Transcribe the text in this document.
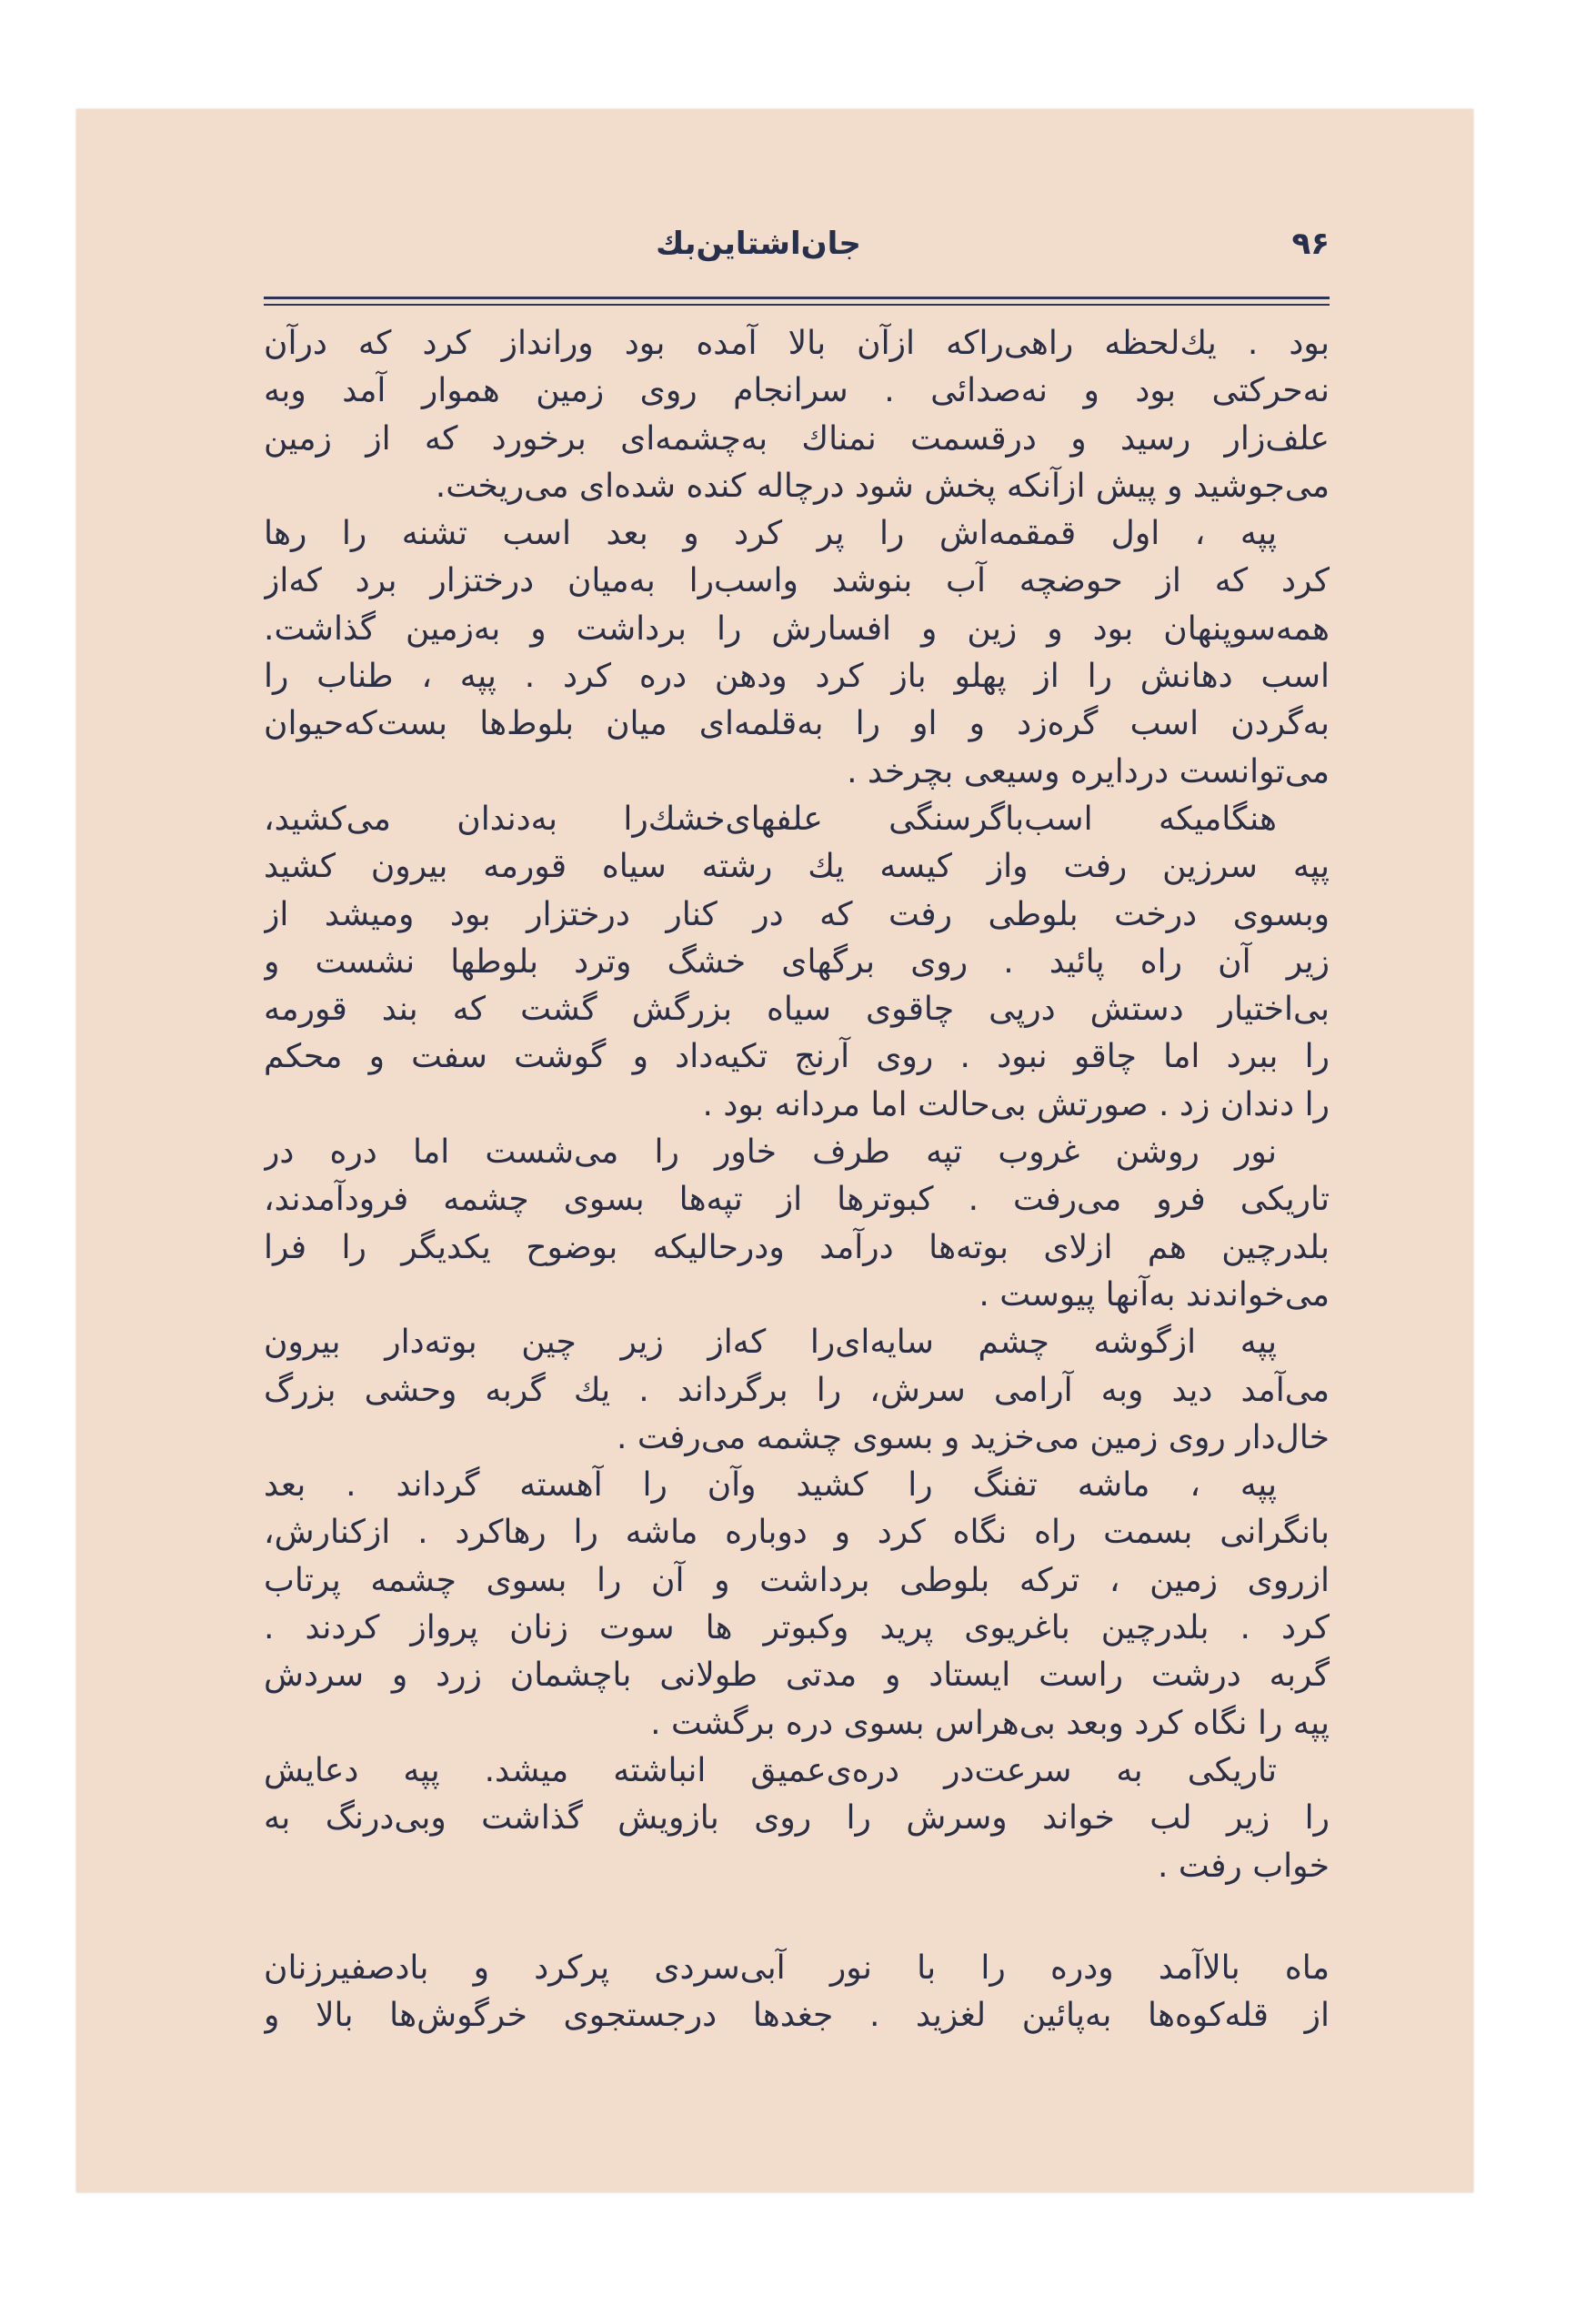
۹۶
جان‌اشتاین‌بك
بود . يك‌لحظه راهی‌راكه ازآن بالا آمده بود ورانداز كرد كه درآن
نه‌حركتی بود و نه‌صدائی . سرانجام روی زمين هموار آمد وبه
علف‌زار رسيد و درقسمت نمناك به‌چشمه‌ای برخورد كه از زمين
می‌جوشيد و پيش ازآنكه پخش شود درچاله كنده شده‌ای می‌ريخت.
پپه ، اول قمقمه‌اش را پر كرد و بعد اسب تشنه را رها
كرد كه از حوضچه آب بنوشد واسب‌را به‌ميان درختزار برد كه‌از
همه‌سوپنهان بود و زين و افسارش را برداشت و به‌زمين گذاشت.
اسب دهانش را از پهلو باز كرد ودهن دره كرد . پپه ، طناب را
به‌گردن اسب گره‌زد و او را به‌قلمه‌ای ميان بلوط‌ها بست‌كه‌حيوان
می‌توانست دردايره وسيعی بچرخد .
هنگاميكه اسب‌باگرسنگی علفهای‌خشك‌را به‌دندان می‌كشيد،
پپه سرزين رفت واز كيسه يك رشته سياه قورمه بيرون كشيد
وبسوی درخت بلوطی رفت كه در كنار درختزار بود وميشد از
زير آن راه پائيد . روی برگهای خشگ وترد بلوطها نشست و
بی‌اختيار دستش درپی چاقوی سياه بزرگش گشت كه بند قورمه
را ببرد اما چاقو نبود . روی آرنج تكيه‌داد و گوشت سفت و محكم
را دندان زد . صورتش بی‌حالت اما مردانه بود .
نور روشن غروب تپه طرف خاور را می‌شست اما دره در
تاريكی فرو می‌رفت . كبوترها از تپه‌ها بسوی چشمه فرودآمدند،
بلدرچين هم ازلای بوته‌ها درآمد ودرحاليكه بوضوح يكديگر را فرا
می‌خواندند به‌آنها پيوست .
پپه ازگوشه چشم سايه‌ای‌را كه‌از زير چين بوته‌دار بيرون
می‌آمد ديد وبه آرامی سرش، را برگرداند . يك گربه وحشی بزرگ
خال‌دار روی زمين می‌خزيد و بسوی چشمه می‌رفت .
پپه ، ماشه تفنگ را كشيد وآن را آهسته گرداند . بعد
بانگرانی بسمت راه نگاه كرد و دوباره ماشه را رهاكرد . ازكنارش،
ازروی زمين ، تركه بلوطی برداشت و آن را بسوی چشمه پرتاب
كرد . بلدرچين باغريوی پريد وكبوتر ها سوت زنان پرواز كردند .
گربه درشت راست ايستاد و مدتی طولانی باچشمان زرد و سردش
پپه را نگاه كرد وبعد بی‌هراس بسوی دره برگشت .
تاريكی به سرعت‌در دره‌ی‌عميق انباشته ميشد. پپه دعايش
را زير لب خواند وسرش را روی بازويش گذاشت وبی‌درنگ به
خواب رفت .
ماه بالاآمد ودره را با نور آبی‌سردی پركرد و بادصفيرزنان
از قله‌كوه‌ها به‌پائين لغزيد . جغدها درجستجوی خرگوش‌ها بالا و
